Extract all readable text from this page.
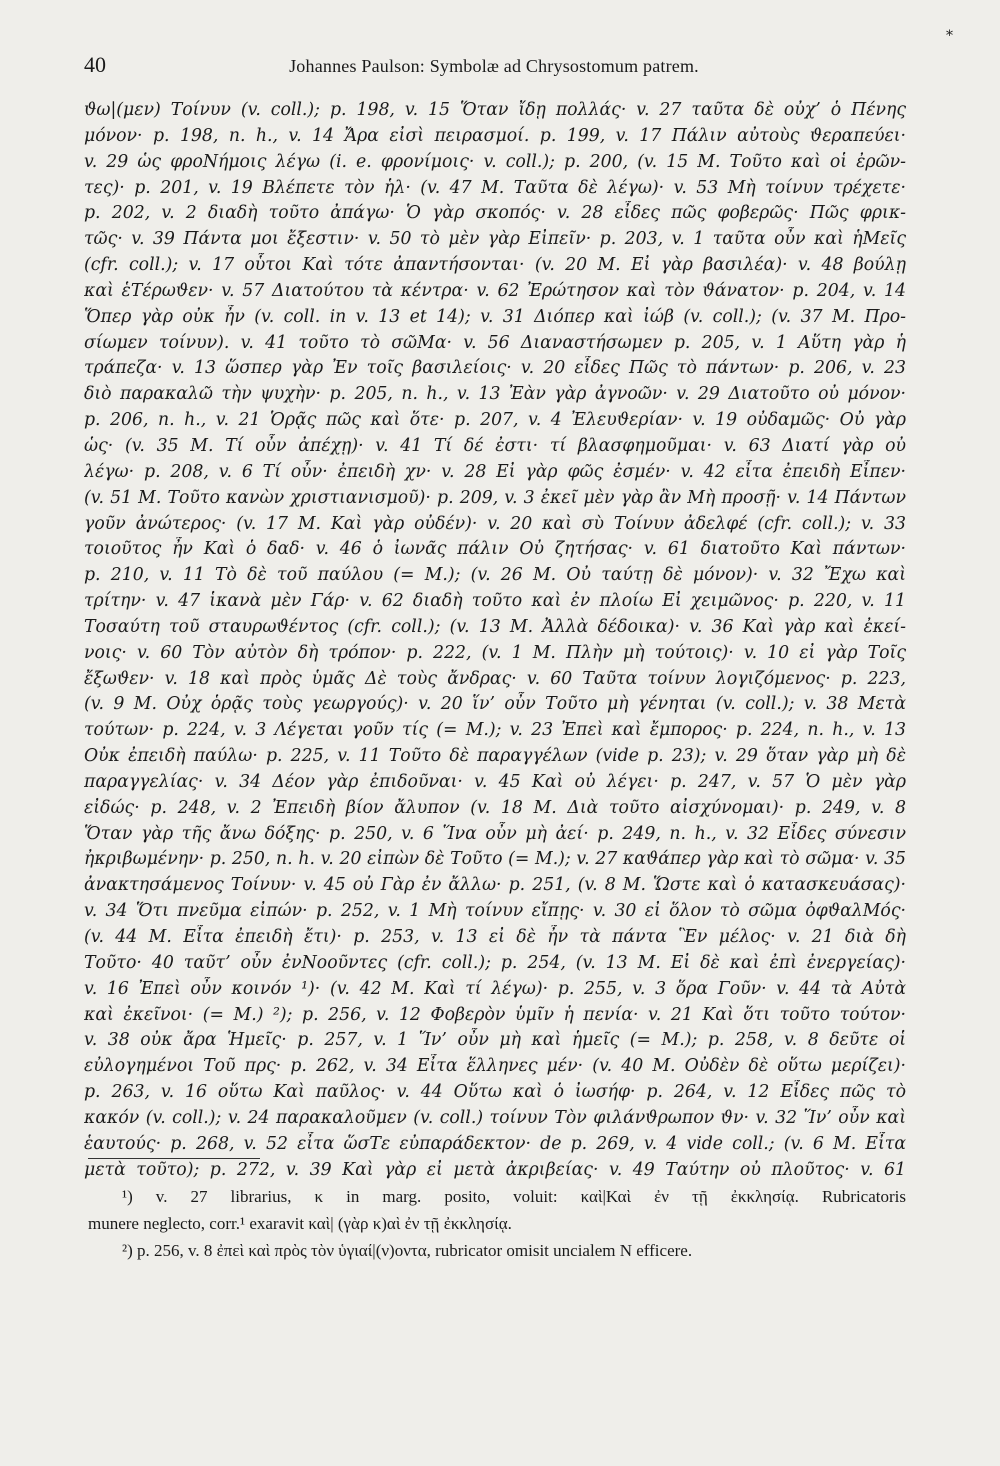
*
40	Johannes Paulson: Symbolæ ad Chrysostomum patrem.
ϑω|(μεν) Τοίνυν (v. coll.); p. 198, v. 15 Ὅταν ἴδῃ πολλάς· v. 27 ταῦτα δὲ οὐχ’ ὁ Πένης
μόνον· p. 198, n. h., v. 14 Ἄρα εἰσὶ πειρασμοί. p. 199, v. 17 Πάλιν αὐτοὺς ϑεραπεύει·
v. 29 ὡς φρoNήμοις λέγω (i. e. φρονίμοις· v. coll.); p. 200, (v. 15 M. Τοῦτο καὶ οἱ ἐρῶν-
τες)· p. 201, v. 19 Βλέπετε τὸν ἡλ· (v. 47 M. Ταῦτα δὲ λέγω)· v. 53 Μὴ τοίνυν τρέχετε·
p. 202, v. 2 διαδὴ τοῦτο ἀπάγω· Ὁ γὰρ σκοπός· v. 28 εἶδες πῶς φοβερῶς· Πῶς φρικ-
τῶς· v. 39 Πάντα μοι ἔξεστιν· v. 50 τὸ μὲν γὰρ Εἰπεῖν· p. 203, v. 1 ταῦτα οὖν καὶ ἡΜεῖς
(cfr. coll.); v. 17 οὗτοι Καὶ τότε ἀπαντήσονται· (v. 20 M. Εἰ γὰρ βασιλέα)· v. 48 βούλῃ
καὶ ἑΤέρωϑεν· v. 57 Διατούτου τὰ κέντρα· v. 62 Ἐρώτησον καὶ τὸν ϑάνατον· p. 204, v. 14
Ὅπερ γὰρ οὐκ ἦν (v. coll. in v. 13 et 14); v. 31 Διόπερ καὶ ἰώβ (v. coll.); (v. 37 M. Προ-
σίωμεν τοίνυν). v. 41 τοῦτο τὸ σῶΜα· v. 56 Διαναστήσωμεν p. 205, v. 1 Αὕτη γὰρ ἡ
τράπεζα· v. 13 ὥσπερ γὰρ Ἐν τοῖς βασιλείοις· v. 20 εἶδες Πῶς τὸ πάντων· p. 206, v. 23
διὸ παρακαλῶ τὴν ψυχὴν· p. 205, n. h., v. 13 Ἐὰν γὰρ ἀγνοῶν· v. 29 Διατοῦτο οὐ μόνον·
p. 206, n. h., v. 21 Ὁρᾷς πῶς καὶ ὅτε· p. 207, v. 4 Ἐλευϑερίαν· v. 19 οὐδαμῶς· Οὐ γὰρ
ὡς· (v. 35 M. Τί οὖν ἀπέχῃ)· v. 41 Τί δέ ἐστι· τί βλασφημοῦμαι· v. 63 Διατί γὰρ οὐ
λέγω· p. 208, v. 6 Τί οὖν· ἐπειδὴ χν· v. 28 Εἰ γὰρ φῶς ἐσμέν· v. 42 εἶτα ἐπειδὴ Εἶπεν·
(v. 51 M. Τοῦτο κανὼν χριστιανισμοῦ)· p. 209, v. 3 ἐκεῖ μὲν γὰρ ἂν Μὴ προσῇ· v. 14 Πάντων
γοῦν ἀνώτερος· (v. 17 M. Καὶ γὰρ οὐδέν)· v. 20 καὶ σὺ Τοίνυν ἀδελφέ (cfr. coll.); v. 33
τοιοῦτος ἦν Καὶ ὁ δαδ· v. 46 ὁ ἰωνᾶς πάλιν Οὐ ζητήσας· v. 61 διατοῦτο Καὶ πάντων·
p. 210, v. 11 Τὸ δὲ τοῦ παύλου (= M.); (v. 26 M. Οὐ ταύτῃ δὲ μόνον)· v. 32 Ἔχω καὶ
τρίτην· v. 47 ἱκανὰ μὲν Γάρ· v. 62 διαδὴ τοῦτο καὶ ἐν πλοίω Εἰ χειμῶνος· p. 220, v. 11
Τοσαύτη τοῦ σταυρωϑέντος (cfr. coll.); (v. 13 M. Ἀλλὰ δέδοικα)· v. 36 Καὶ γὰρ καὶ ἐκεί-
νοις· v. 60 Τὸν αὐτὸν δὴ τρόπον· p. 222, (v. 1 M. Πλὴν μὴ τούτοις)· v. 10 εἰ γὰρ Τοῖς
ἔξωϑεν· v. 18 καὶ πρὸς ὑμᾶς Δὲ τοὺς ἄνδρας· v. 60 Ταῦτα τοίνυν λογιζόμενος· p. 223,
(v. 9 M. Οὐχ ὁρᾷς τοὺς γεωργούς)· v. 20 ἵν’ οὖν Τοῦτο μὴ γένηται (v. coll.); v. 38 Μετὰ
τούτων· p. 224, v. 3 Λέγεται γοῦν τίς (= M.); v. 23 Ἐπεὶ καὶ ἔμπορος· p. 224, n. h., v. 13
Οὐκ ἐπειδὴ παύλω· p. 225, v. 11 Τοῦτο δὲ παραγγέλων (vide p. 23); v. 29 ὅταν γὰρ μὴ δὲ
παραγγελίας· v. 34 Δέον γὰρ ἐπιδοῦναι· v. 45 Καὶ οὐ λέγει· p. 247, v. 57 Ὁ μὲν γὰρ
εἰδώς· p. 248, v. 2 Ἐπειδὴ βίον ἄλυπον (v. 18 M. Διὰ τοῦτο αἰσχύνομαι)· p. 249, v. 8
Ὅταν γὰρ τῆς ἄνω δόξης· p. 250, v. 6 Ἵνα οὖν μὴ ἀεί· p. 249, n. h., v. 32 Εἶδες σύνεσιν
ἠκριβωμένην· p. 250, n. h. v. 20 εἰπὼν δὲ Τοῦτο (= M.); v. 27 καϑάπερ γὰρ καὶ τὸ σῶμα· v. 35
ἀνακτησάμενος Τοίνυν· v. 45 οὐ Γὰρ ἐν ἄλλω· p. 251, (v. 8 M. Ὥστε καὶ ὁ κατασκευάσας)·
v. 34 Ὅτι πνεῦμα εἰπών· p. 252, v. 1 Μὴ τοίνυν εἴπῃς· v. 30 εἰ ὅλον τὸ σῶμα ὀφϑαλΜός·
(v. 44 M. Εἶτα ἐπειδὴ ἔτι)· p. 253, v. 13 εἰ δὲ ἦν τὰ πάντα Ἓν μέλος· v. 21 διὰ δὴ
Τοῦτο· 40 ταῦτ’ οὖν ἐνNοοῦντες (cfr. coll.); p. 254, (v. 13 M. Εἰ δὲ καὶ ἐπὶ ἐνεργείας)·
v. 16 Ἐπεὶ οὖν κοινόν ¹)· (v. 42 M. Καὶ τί λέγω)· p. 255, v. 3 ὅρα Γοῦν· v. 44 τὰ Αὐτὰ
καὶ ἐκεῖνοι· (= M.) ²); p. 256, v. 12 Φοβερὸν ὑμῖν ἡ πενία· v. 21 Καὶ ὅτι τοῦτο τούτον·
v. 38 οὐκ ἄρα Ἡμεῖς· p. 257, v. 1 Ἵν’ οὖν μὴ καὶ ἡμεῖς (= M.); p. 258, v. 8 δεῦτε οἱ
εὐλογημένοι Τοῦ πρς· p. 262, v. 34 Εἶτα ἕλληνες μέν· (v. 40 M. Οὐδὲν δὲ οὕτω μερίζει)·
p. 263, v. 16 οὕτω Καὶ παῦλος· v. 44 Οὕτω καὶ ὁ ἰωσήφ· p. 264, v. 12 Εἶδες πῶς τὸ
κακόν (v. coll.); v. 24 παρακαλοῦμεν (v. coll.) τοίνυν Τὸν φιλάνϑρωπον ϑν· v. 32 Ἵν’ οὖν καὶ
ἑαυτούς· p. 268, v. 52 εἶτα ὥσΤε εὐπαράδεκτον· de p. 269, v. 4 vide coll.; (v. 6 M. Εἶτα
μετὰ τοῦτο); p. 272, v. 39 Καὶ γὰρ εἰ μετὰ ἀκριβείας· v. 49 Ταύτην οὐ πλοῦτος· v. 61
¹) v. 27 librarius, κ in marg. posito, voluit: καὶ|Καὶ ἐν τῇ ἐκκλησίᾳ. Rubricatoris
munere neglecto, corr.¹ exaravit καὶ| (γὰρ κ)αὶ ἐν τῇ ἐκκλησίᾳ.
²) p. 256, v. 8 ἐπεὶ καὶ πρὸς τὸν ὑγιαί|(ν)οντα, rubricator omisit uncialem N efficere.
